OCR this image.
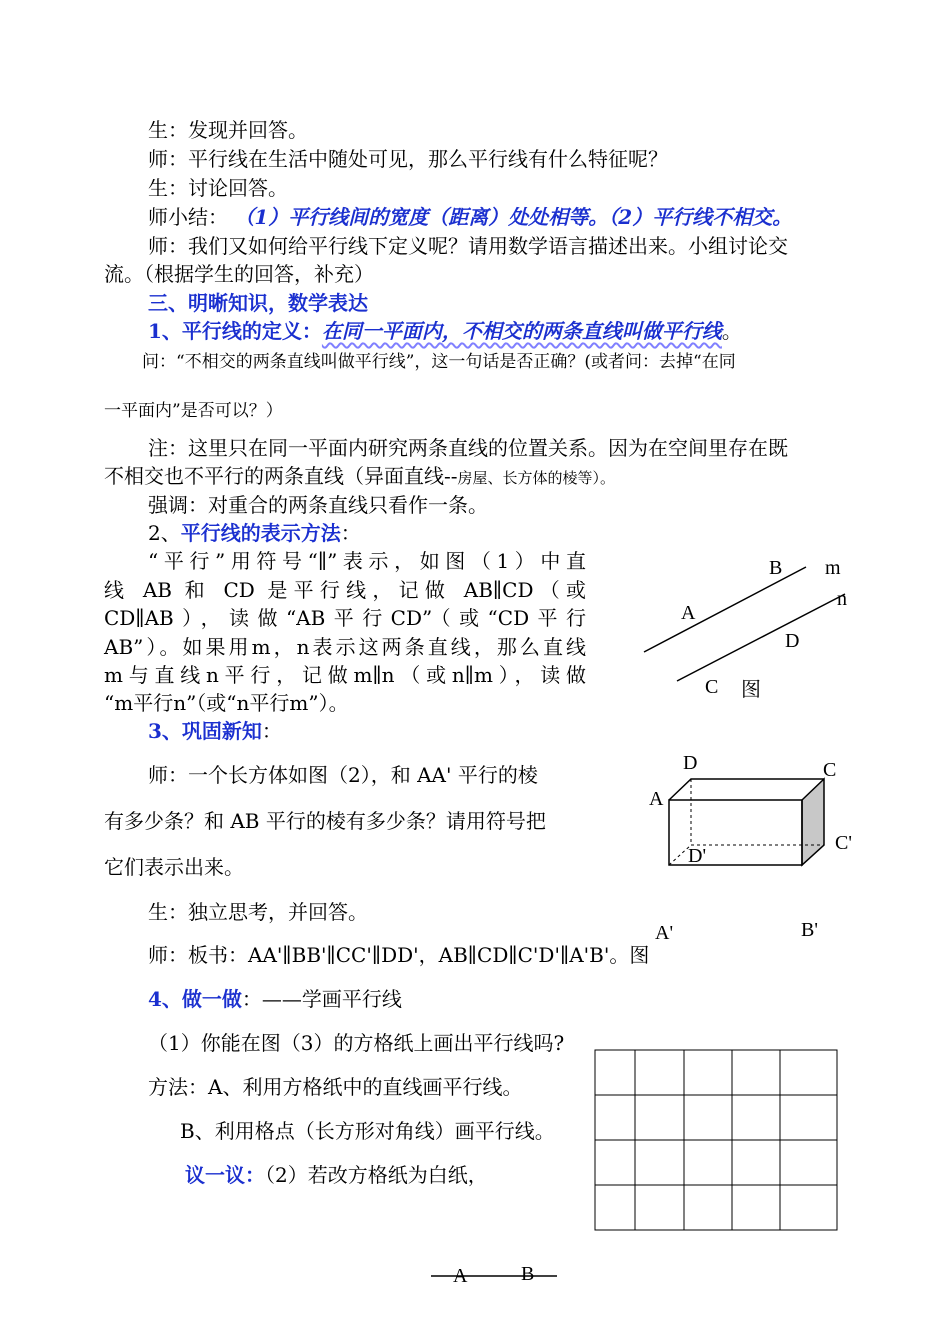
生：发现并回答。
师：平行线在生活中随处可见，那么平行线有什么特征呢？
生：讨论回答。
师小结： （1）平行线间的宽度（距离）处处相等。（2）平行线不相交。
师：我们又如何给平行线下定义呢？请用数学语言描述出来。小组讨论交
流。（根据学生的回答，补充）
三、明晰知识，数学表达
1、平行线的定义：在同一平面内，不相交的两条直线叫做平行线。
问：“不相交的两条直线叫做平行线”，这一句话是否正确？(或者问：去掉“在同
一平面内”是否可以？）
注：这里只在同一平面内研究两条直线的位置关系。因为在空间里存在既
不相交也不平行的两条直线（异面直线--房屋、长方体的棱等）。
强调：对重合的两条直线只看作一条。
2、平行线的表示方法：
“平行”用符号“∥”表示，如图（1）中直
线 AB 和 CD 是平行线，记做 AB∥CD（或
CD∥AB），读做“AB平行CD”（或“CD平行
AB”）。如果用m，n表示这两条直线，那么直线
m与直线n平行，记做m∥n（或n∥m），读做
“m平行n”（或“n平行m”）。
3、巩固新知：
师：一个长方体如图（2），和 AA' 平行的棱
有多少条？和 AB 平行的棱有多少条？请用符号把
它们表示出来。
生：独立思考，并回答。
师：板书：AA'∥BB'∥CC'∥DD'，AB∥CD∥C'D'∥A'B'。图
4、做一做：——学画平行线
（1）你能在图（3）的方格纸上画出平行线吗?
方法：A、利用方格纸中的直线画平行线。
B、利用格点（长方形对角线）画平行线。
议一议：（2）若改方格纸为白纸，
B m
n
A
D
C 图
D	C
A
C'
D'
A'	B'
A	B
